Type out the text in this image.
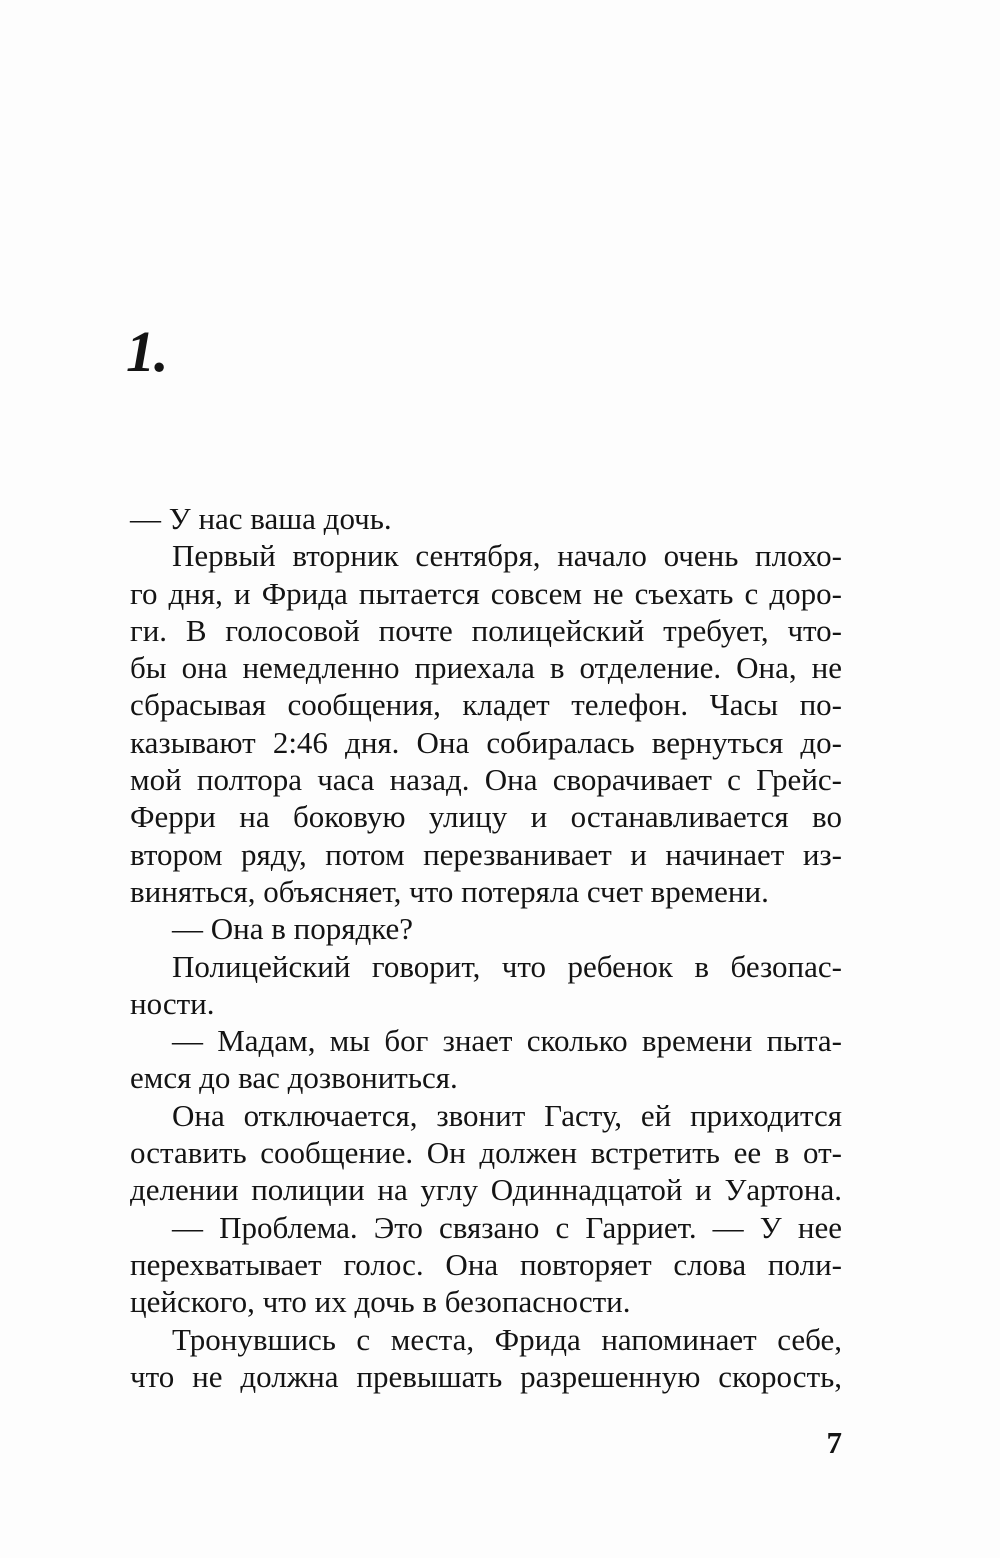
1.
— У нас ваша дочь.
Первый вторник сентября, начало очень плохо-
го дня, и Фрида пытается совсем не съехать с доро-
ги. В голосовой почте полицейский требует, что-
бы она немедленно приехала в отделение. Она, не
сбрасывая сообщения, кладет телефон. Часы по-
казывают 2:46 дня. Она собиралась вернуться до-
мой полтора часа назад. Она сворачивает с Грейс-
Ферри на боковую улицу и останавливается во
втором ряду, потом перезванивает и начинает из-
виняться, объясняет, что потеряла счет времени.
— Она в порядке?
Полицейский говорит, что ребенок в безопас-
ности.
— Мадам, мы бог знает сколько времени пыта-
емся до вас дозвониться.
Она отключается, звонит Гасту, ей приходится
оставить сообщение. Он должен встретить ее в от-
делении полиции на углу Одиннадцатой и Уартона.
— Проблема. Это связано с Гарриет. — У нее
перехватывает голос. Она повторяет слова поли-
цейского, что их дочь в безопасности.
Тронувшись с места, Фрида напоминает себе,
что не должна превышать разрешенную скорость,
7
